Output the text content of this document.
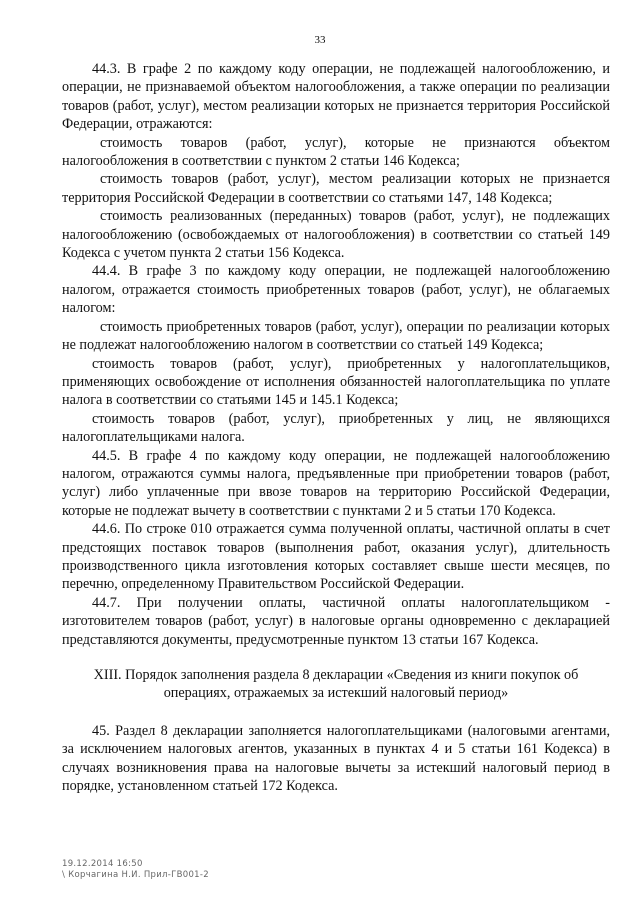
33

44.3. В графе 2 по каждому коду операции, не подлежащей налогообложению, и операции, не признаваемой объектом налогообложения, а также операции по реализации товаров (работ, услуг), местом реализации которых не признается территория Российской Федерации, отражаются:

стоимость товаров (работ, услуг), которые не признаются объектом налогообложения в соответствии с пунктом 2 статьи 146 Кодекса;

стоимость товаров (работ, услуг), местом реализации которых не признается территория Российской Федерации в соответствии со статьями 147, 148 Кодекса;

стоимость реализованных (переданных) товаров (работ, услуг), не подлежащих налогообложению (освобождаемых от налогообложения) в соответствии со статьей 149 Кодекса с учетом пункта 2 статьи 156 Кодекса.

44.4. В графе 3 по каждому коду операции, не подлежащей налогообложению налогом, отражается стоимость приобретенных товаров (работ, услуг), не облагаемых налогом:

стоимость приобретенных товаров (работ, услуг), операции по реализации которых не подлежат налогообложению налогом в соответствии со статьей 149 Кодекса;

стоимость товаров (работ, услуг), приобретенных у налогоплательщиков, применяющих освобождение от исполнения обязанностей налогоплательщика по уплате налога в соответствии со статьями 145 и 145.1 Кодекса;

стоимость товаров (работ, услуг), приобретенных у лиц, не являющихся налогоплательщиками налога.

44.5. В графе 4 по каждому коду операции, не подлежащей налогообложению налогом, отражаются суммы налога, предъявленные при приобретении товаров (работ, услуг) либо уплаченные при ввозе товаров на территорию Российской Федерации, которые не подлежат вычету в соответствии с пунктами 2 и 5 статьи 170 Кодекса.

44.6. По строке 010 отражается сумма полученной оплаты, частичной оплаты в счет предстоящих поставок товаров (выполнения работ, оказания услуг), длительность производственного цикла изготовления которых составляет свыше шести месяцев, по перечню, определенному Правительством Российской Федерации.

44.7. При получении оплаты, частичной оплаты налогоплательщиком - изготовителем товаров (работ, услуг) в налоговые органы одновременно с декларацией представляются документы, предусмотренные пунктом 13 статьи 167 Кодекса.

XIII. Порядок заполнения раздела 8 декларации «Сведения из книги покупок об операциях, отражаемых за истекший налоговый период»

45. Раздел 8 декларации заполняется налогоплательщиками (налоговыми агентами, за исключением налоговых агентов, указанных в пунктах 4 и 5 статьи 161 Кодекса) в случаях возникновения права на налоговые вычеты за истекший налоговый период в порядке, установленном статьей 172 Кодекса.

19.12.2014 16:50
\ Корчагина Н.И. Прил-ГВ001-2
